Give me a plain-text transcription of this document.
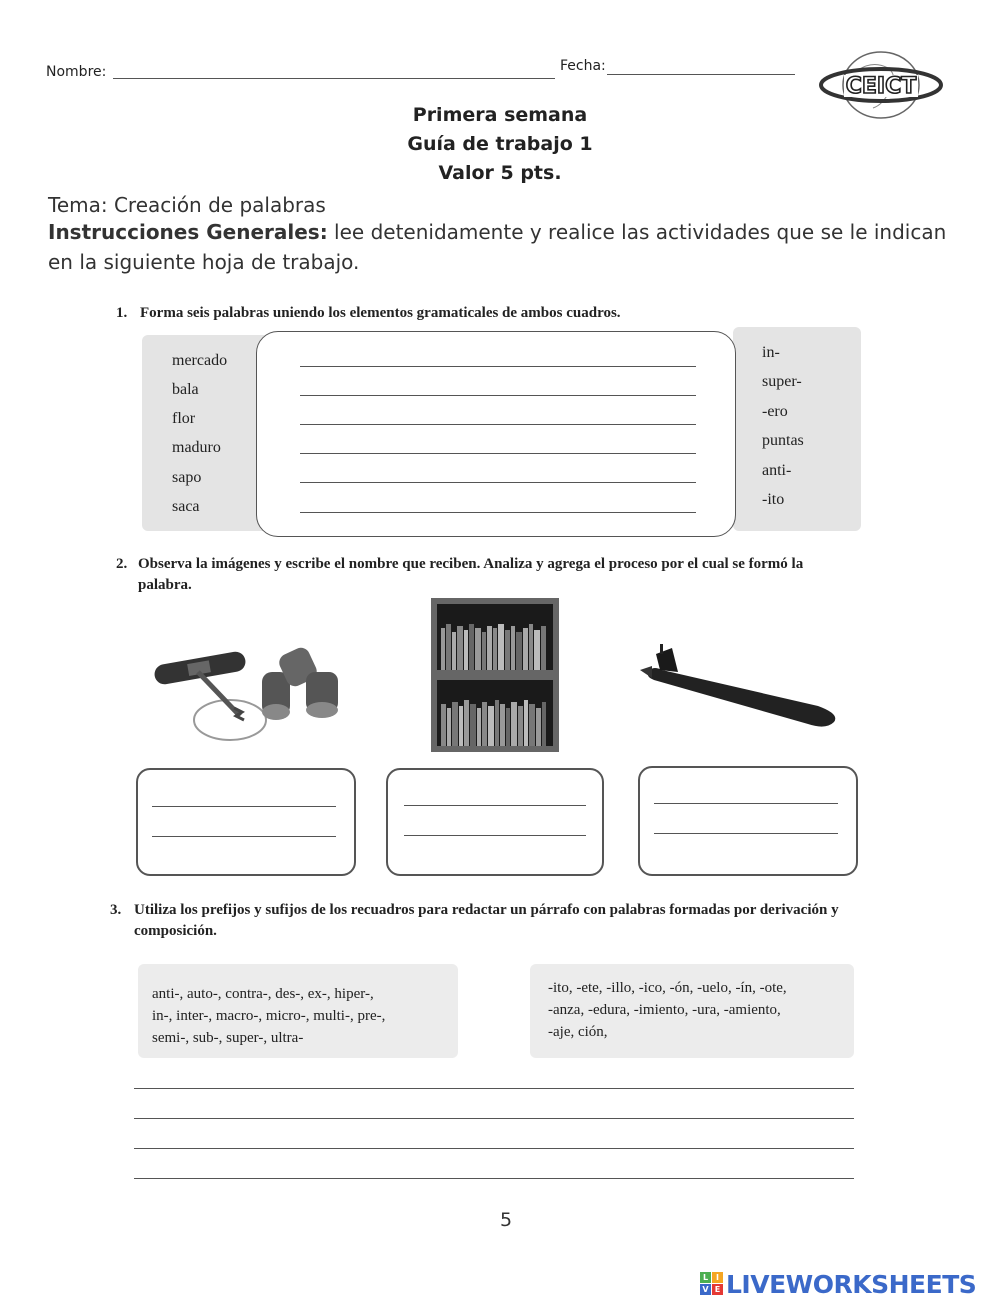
Nombre:	Fecha:
CEICT
Primera semana
Guía de trabajo 1
Valor 5 pts.
Tema: Creación de palabras
Instrucciones Generales: lee detenidamente y realice las actividades que se le indican en la siguiente hoja de trabajo.
1. Forma seis palabras uniendo los elementos gramaticales de ambos cuadros.
mercado
bala
flor
maduro
sapo
saca
in-
super-
-ero
puntas
anti-
-ito
2. Observa la imágenes y escribe el nombre que reciben. Analiza y agrega el proceso por el cual se formó la palabra.
3. Utiliza los prefijos y sufijos de los recuadros para redactar un párrafo con palabras formadas por derivación y composición.
anti-, auto-, contra-, des-, ex-, hiper-,
in-, inter-, macro-, micro-, multi-, pre-,
semi-, sub-, super-, ultra-
-ito, -ete, -illo, -ico, -ón, -uelo, -ín, -ote,
-anza, -edura, -imiento, -ura, -amiento,
-aje, ción,
5
L I
V E LIVEWORKSHEETS
